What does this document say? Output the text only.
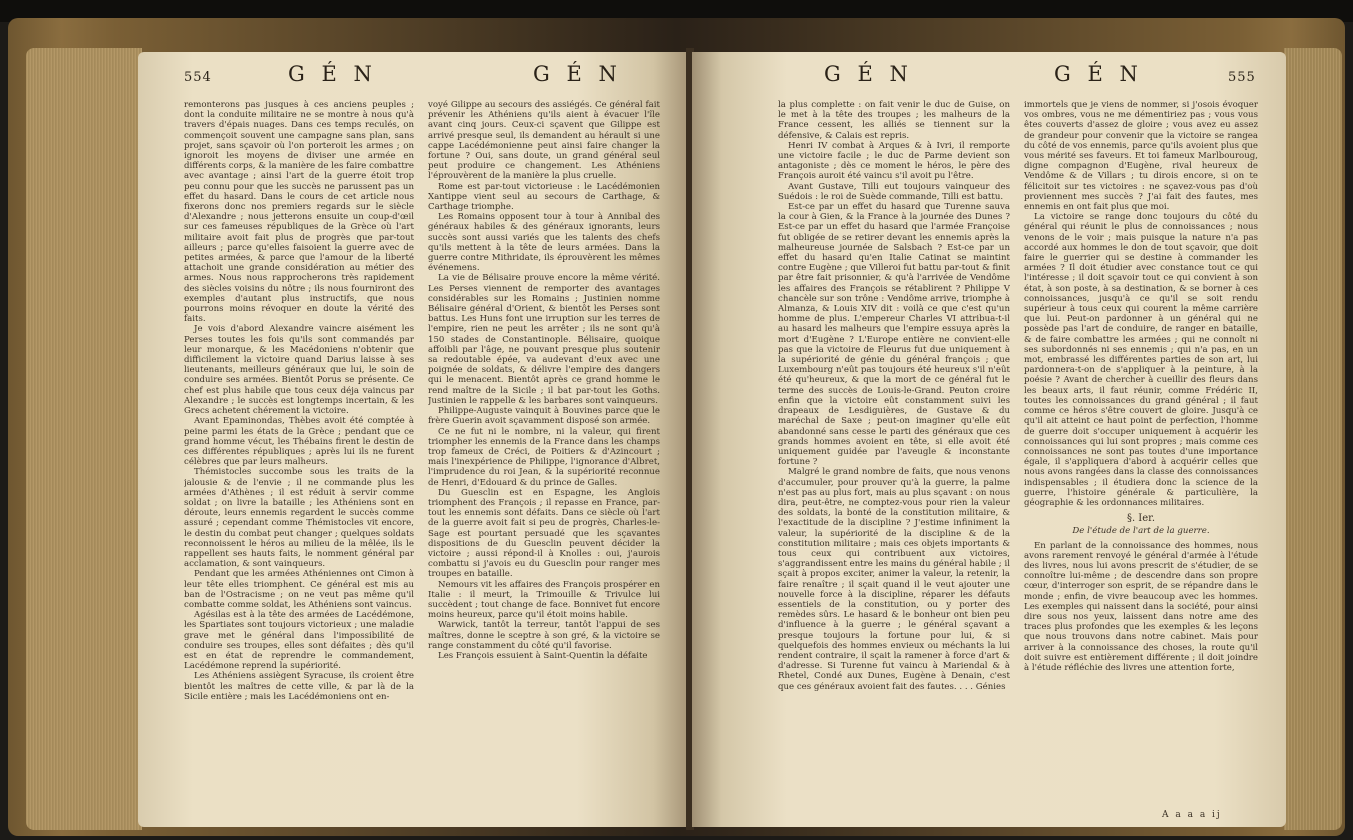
554	G É N	G É N

remonterons pas jusques à ces anciens peuples ; dont la conduite militaire ne se montre à nous qu'à travers d'épais nuages. Dans ces temps reculés, on commençoit souvent une campagne sans plan, sans projet, sans sçavoir où l'on porteroit les armes ; on ignoroit les moyens de diviser une armée en différents corps, & la manière de les faire combattre avec avantage ; ainsi l'art de la guerre étoit trop peu connu pour que les succès ne parussent pas un effet du hasard. Dans le cours de cet article nous fixerons donc nos premiers regards sur le siècle d'Alexandre ; nous jetterons ensuite un coup-d'œil sur ces fameuses républiques de la Grèce où l'art militaire avoit fait plus de progrès que par-tout ailleurs ; parce qu'elles faisoient la guerre avec de petites armées, & parce que l'amour de la liberté attachoit une grande considération au métier des armes. Nous nous rapprocherons très rapidement des siècles voisins du nôtre ; ils nous fourniront des exemples d'autant plus instructifs, que nous pourrons moins révoquer en doute la vérité des faits.

Je vois d'abord Alexandre vaincre aisément les Perses toutes les fois qu'ils sont commandés par leur monarque, & les Macédoniens n'obtenir que difficilement la victoire quand Darius laisse à ses lieutenants, meilleurs généraux que lui, le soin de conduire ses armées. Bientôt Porus se présente. Ce chef est plus habile que tous ceux déja vaincus par Alexandre ; le succès est longtemps incertain, & les Grecs achetent chérement la victoire.

Avant Epaminondas, Thèbes avoit été comptée à peine parmi les états de la Grèce ; pendant que ce grand homme vécut, les Thébains firent le destin de ces différentes républiques ; après lui ils ne furent célèbres que par leurs malheurs.

Thémistocles succombe sous les traits de la jalousie & de l'envie ; il ne commande plus les armées d'Athènes ; il est réduit à servir comme soldat ; on livre la bataille ; les Athéniens sont en déroute, leurs ennemis regardent le succès comme assuré ; cependant comme Thémistocles vit encore, le destin du combat peut changer ; quelques soldats reconnoissent le héros au milieu de la mêlée, ils le rappellent ses hauts faits, le nomment général par acclamation, & sont vainqueurs.

Pendant que les armées Athéniennes ont Cimon à leur tête elles triomphent. Ce général est mis au ban de l'Ostracisme ; on ne veut pas même qu'il combatte comme soldat, les Athéniens sont vaincus.

Agésilas est à la tête des armées de Lacédémone, les Spartiates sont toujours victorieux ; une maladie grave met le général dans l'impossibilité de conduire ses troupes, elles sont défaites ; dès qu'il est en état de reprendre le commandement, Lacédémone reprend la supériorité.

Les Athéniens assiègent Syracuse, ils croient être bientôt les maîtres de cette ville, & par là de la Sicile entière ; mais les Lacédémoniens ont en-

voyé Gilippe au secours des assiégés. Ce général fait prévenir les Athéniens qu'ils aient à évacuer l'île avant cinq jours. Ceux-ci sçavent que Gilippe est arrivé presque seul, ils demandent au hérault si une cappe Lacédémonienne peut ainsi faire changer la fortune ? Oui, sans doute, un grand général seul peut produire ce changement. Les Athéniens l'éprouvèrent de la manière la plus cruelle.

Rome est par-tout victorieuse : le Lacédémonien Xantippe vient seul au secours de Carthage, & Carthage triomphe.

Les Romains opposent tour à tour à Annibal des généraux habiles & des généraux ignorants, leurs succès sont aussi variés que les talents des chefs qu'ils mettent à la tête de leurs armées. Dans la guerre contre Mithridate, ils éprouvèrent les mêmes événemens.

La vie de Bélisaire prouve encore la même vérité. Les Perses viennent de remporter des avantages considérables sur les Romains ; Justinien nomme Bélisaire général d'Orient, & bientôt les Perses sont battus. Les Huns font une irruption sur les terres de l'empire, rien ne peut les arrêter ; ils ne sont qu'à 150 stades de Constantinople. Bélisaire, quoique affoibli par l'âge, ne pouvant presque plus soutenir sa redoutable épée, va audevant d'eux avec une poignée de soldats, & délivre l'empire des dangers qui le menacent. Bientôt après ce grand homme le rend maître de la Sicile ; il bat par-tout les Goths. Justinien le rappelle & les barbares sont vainqueurs.

Philippe-Auguste vainquit à Bouvines parce que le frère Guerin avoit sçavamment disposé son armée.

Ce ne fut ni le nombre, ni la valeur, qui firent triompher les ennemis de la France dans les champs trop fameux de Créci, de Poitiers & d'Azincourt ; mais l'inexpérience de Philippe, l'ignorance d'Albret, l'imprudence du roi Jean, & la supériorité reconnue de Henri, d'Edouard & du prince de Galles.

Du Guesclin est en Espagne, les Anglois triomphent des François ; il repasse en France, par-tout les ennemis sont défaits. Dans ce siècle où l'art de la guerre avoit fait si peu de progrès, Charles-le-Sage est pourtant persuadé que les sçavantes dispositions de du Guesclin peuvent décider la victoire ; aussi répond-il à Knolles : oui, j'aurois combattu si j'avois eu du Guesclin pour ranger mes troupes en bataille.

Nemours vit les affaires des François prospérer en Italie : il meurt, la Trimouille & Trivulce lui succèdent ; tout change de face. Bonnivet fut encore moins heureux, parce qu'il étoit moins habile.

Warwick, tantôt la terreur, tantôt l'appui de ses maîtres, donne le sceptre à son gré, & la victoire se range constamment du côté qu'il favorise.

Les François essuient à Saint-Quentin la défaite

G É N	G É N	555

la plus complette : on fait venir le duc de Guise, on le met à la tête des troupes ; les malheurs de la France cessent, les alliés se tiennent sur la défensive, & Calais est repris.

Henri IV combat à Arques & à Ivri, il remporte une victoire facile ; le duc de Parme devient son antagoniste ; dès ce moment le héros, le père des François auroit été vaincu s'il avoit pu l'être.

Avant Gustave, Tilli eut toujours vainqueur des Suédois : le roi de Suède commande, Tilli est battu.

Est-ce par un effet du hasard que Turenne sauva la cour à Gien, & la France à la journée des Dunes ? Est-ce par un effet du hasard que l'armée Françoise fut obligée de se retirer devant les ennemis après la malheureuse journée de Salsbach ? Est-ce par un effet du hasard qu'en Italie Catinat se maintint contre Eugène ; que Villeroi fut battu par-tout & finit par être fait prisonnier, & qu'à l'arrivée de Vendôme les affaires des François se rétablirent ? Philippe V chancèle sur son trône : Vendôme arrive, triomphe à Almanza, & Louis XIV dit : voilà ce que c'est qu'un homme de plus. L'empereur Charles VI attribua-t-il au hasard les malheurs que l'empire essuya après la mort d'Eugène ? L'Europe entière ne convient-elle pas que la victoire de Fleurus fut due uniquement à la supériorité de génie du général françois ; que Luxembourg n'eût pas toujours été heureux s'il n'eût été qu'heureux, & que la mort de ce général fut le terme des succès de Louis-le-Grand. Peuton croire enfin que la victoire eût constamment suivi les drapeaux de Lesdiguières, de Gustave & du maréchal de Saxe ; peut-on imaginer qu'elle eût abandonné sans cesse le parti des généraux que ces grands hommes avoient en tête, si elle avoit été uniquement guidée par l'aveugle & inconstante fortune ?

Malgré le grand nombre de faits, que nous venons d'accumuler, pour prouver qu'à la guerre, la palme n'est pas au plus fort, mais au plus sçavant : on nous dira, peut-être, ne comptez-vous pour rien la valeur des soldats, la bonté de la constitution militaire, & l'exactitude de la discipline ? J'estime infiniment la valeur, la supériorité de la discipline & de la constitution militaire ; mais ces objets importants & tous ceux qui contribuent aux victoires, s'aggrandissent entre les mains du général habile ; il sçait à propos exciter, animer la valeur, la retenir, la faire renaître ; il sçait quand il le veut ajouter une nouvelle force à la discipline, réparer les défauts essentiels de la constitution, ou y porter des remèdes sûrs. Le hasard & le bonheur ont bien peu d'influence à la guerre ; le général sçavant a presque toujours la fortune pour lui, & si quelquefois des hommes envieux ou méchants la lui rendent contraire, il sçait la ramener à force d'art & d'adresse. Si Turenne fut vaincu à Mariendal & à Rhetel, Condé aux Dunes, Eugène à Denain, c'est que ces généraux avoient fait des fautes. . . . Génies

immortels que je viens de nommer, si j'osois évoquer vos ombres, vous ne me démentiriez pas ; vous vous êtes couverts d'assez de gloire ; vous avez eu assez de grandeur pour convenir que la victoire se rangea du côté de vos ennemis, parce qu'ils avoient plus que vous mérité ses faveurs. Et toi fameux Marlbouroug, digne compagnon d'Eugène, rival heureux de Vendôme & de Villars ; tu dirois encore, si on te félicitoit sur tes victoires : ne sçavez-vous pas d'où proviennent mes succès ? J'ai fait des fautes, mes ennemis en ont fait plus que moi.

La victoire se range donc toujours du côté du général qui réunit le plus de connoissances ; nous venons de le voir ; mais puisque la nature n'a pas accordé aux hommes le don de tout sçavoir, que doit faire le guerrier qui se destine à commander les armées ? Il doit étudier avec constance tout ce qui l'intéresse ; il doit sçavoir tout ce qui convient à son état, à son poste, à sa destination, & se borner à ces connoissances, jusqu'à ce qu'il se soit rendu supérieur à tous ceux qui courent la même carrière que lui. Peut-on pardonner à un général qui ne possède pas l'art de conduire, de ranger en bataille, & de faire combattre les armées ; qui ne connoît ni ses subordonnés ni ses ennemis ; qui n'a pas, en un mot, embrassé les différentes parties de son art, lui pardonnera-t-on de s'appliquer à la peinture, à la poésie ? Avant de chercher à cueillir des fleurs dans les beaux arts, il faut réunir, comme Frédéric II, toutes les connoissances du grand général ; il faut comme ce héros s'être couvert de gloire. Jusqu'à ce qu'il ait atteint ce haut point de perfection, l'homme de guerre doit s'occuper uniquement à acquérir les connoissances qui lui sont propres ; mais comme ces connoissances ne sont pas toutes d'une importance égale, il s'appliquera d'abord à acquérir celles que nous avons rangées dans la classe des connoissances indispensables ; il étudiera donc la science de la guerre, l'histoire générale & particulière, la géographie & les ordonnances militaires.

§. Ier.

De l'étude de l'art de la guerre.

En parlant de la connoissance des hommes, nous avons rarement renvoyé le général d'armée à l'étude des livres, nous lui avons prescrit de s'étudier, de se connoître lui-même ; de descendre dans son propre cœur, d'interroger son esprit, de se répandre dans le monde ; enfin, de vivre beaucoup avec les hommes. Les exemples qui naissent dans la société, pour ainsi dire sous nos yeux, laissent dans notre ame des traces plus profondes que les exemples & les leçons que nous trouvons dans notre cabinet. Mais pour arriver à la connoissance des choses, la route qu'il doit suivre est entièrement différente ; il doit joindre à l'étude réfléchie des livres une attention forte,

A a a a ij
